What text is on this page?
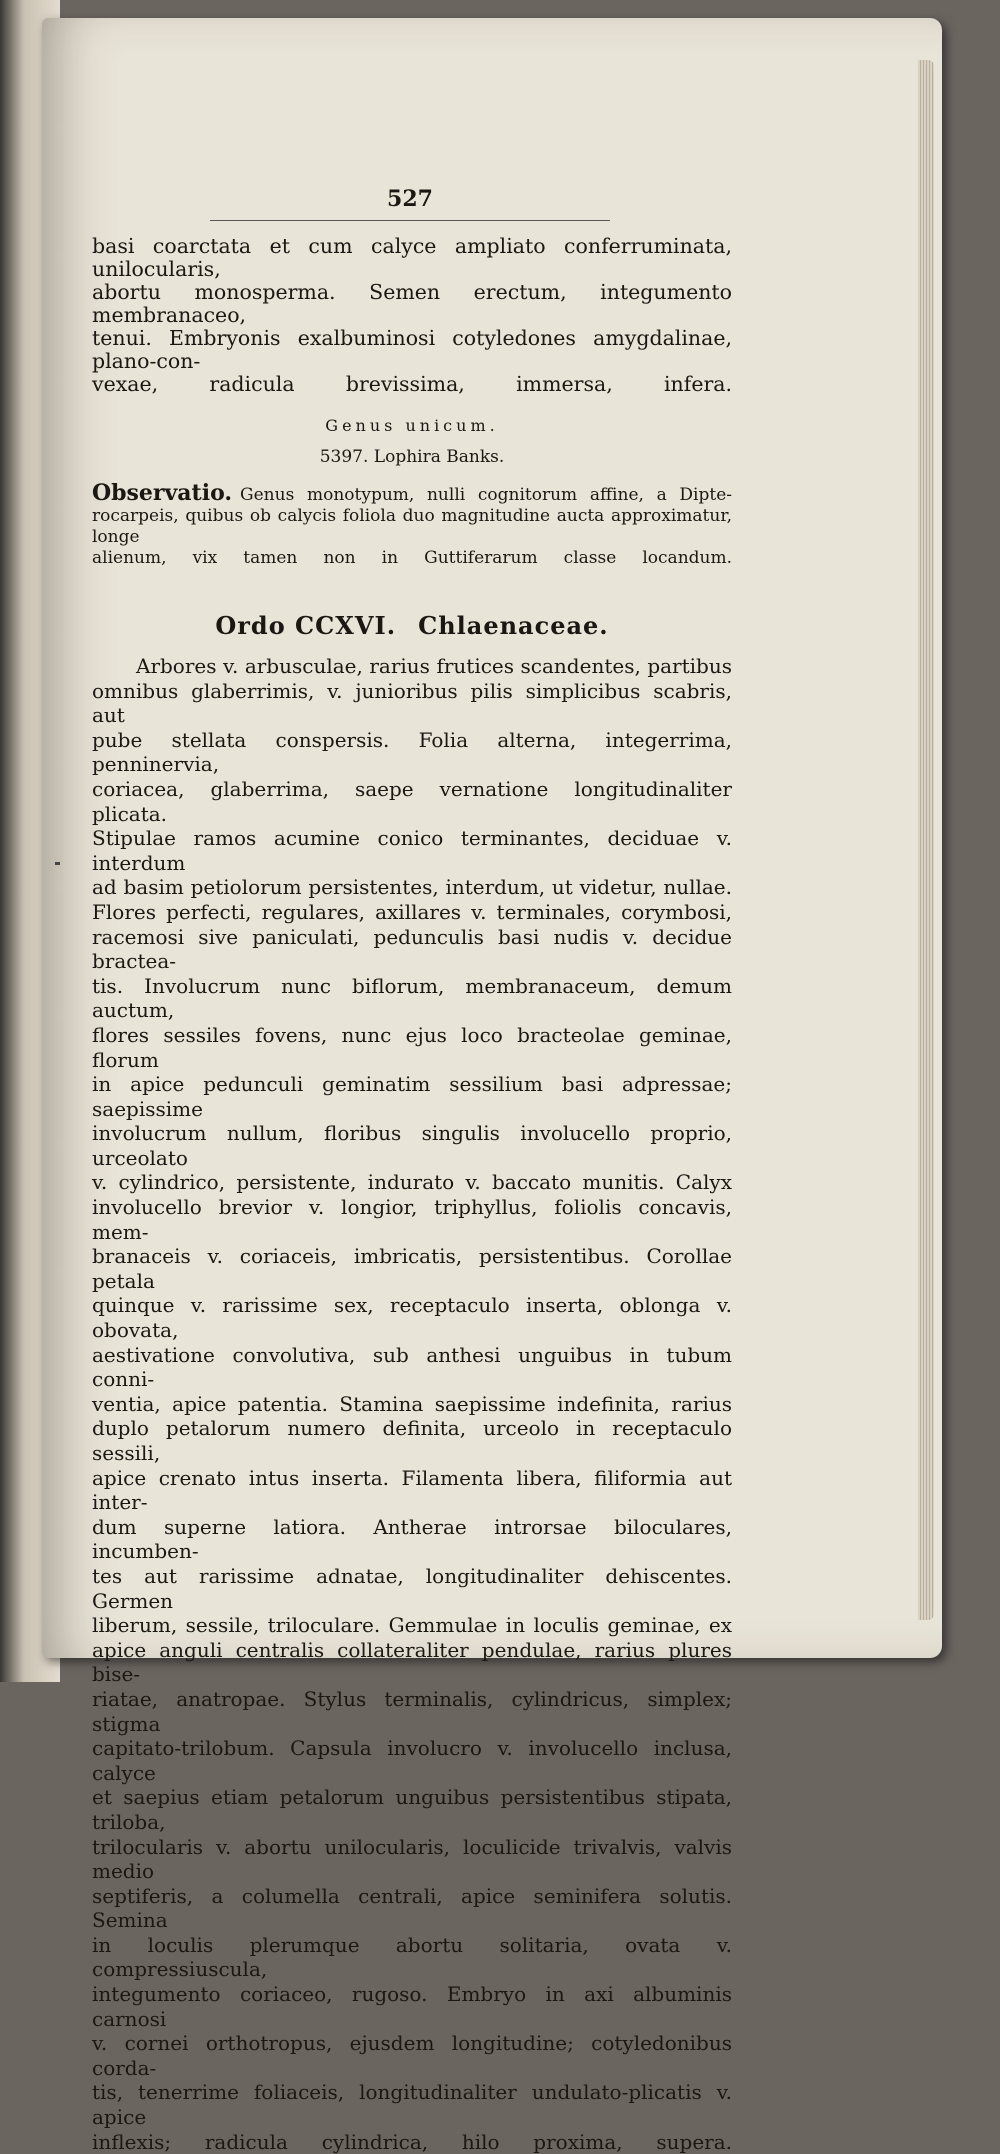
527
basi coarctata et cum calyce ampliato conferruminata, unilocularis,
abortu monosperma. Semen erectum, integumento membranaceo,
tenui. Embryonis exalbuminosi cotyledones amygdalinae, plano-con-
vexae, radicula brevissima, immersa, infera.
Genus unicum.
5397. Lophira Banks.
Observatio. Genus monotypum, nulli cognitorum affine, a Dipte-
rocarpeis, quibus ob calycis foliola duo magnitudine aucta approximatur, longe
alienum, vix tamen non in Guttiferarum classe locandum.
Ordo CCXVI. Chlaenaceae.
Arbores v. arbusculae, rarius frutices scandentes, partibus
omnibus glaberrimis, v. junioribus pilis simplicibus scabris, aut
pube stellata conspersis. Folia alterna, integerrima, penninervia,
coriacea, glaberrima, saepe vernatione longitudinaliter plicata.
Stipulae ramos acumine conico terminantes, deciduae v. interdum
ad basim petiolorum persistentes, interdum, ut videtur, nullae.
Flores perfecti, regulares, axillares v. terminales, corymbosi,
racemosi sive paniculati, pedunculis basi nudis v. decidue bractea-
tis. Involucrum nunc biflorum, membranaceum, demum auctum,
flores sessiles fovens, nunc ejus loco bracteolae geminae, florum
in apice pedunculi geminatim sessilium basi adpressae; saepissime
involucrum nullum, floribus singulis involucello proprio, urceolato
v. cylindrico, persistente, indurato v. baccato munitis. Calyx
involucello brevior v. longior, triphyllus, foliolis concavis, mem-
branaceis v. coriaceis, imbricatis, persistentibus. Corollae petala
quinque v. rarissime sex, receptaculo inserta, oblonga v. obovata,
aestivatione convolutiva, sub anthesi unguibus in tubum conni-
ventia, apice patentia. Stamina saepissime indefinita, rarius
duplo petalorum numero definita, urceolo in receptaculo sessili,
apice crenato intus inserta. Filamenta libera, filiformia aut inter-
dum superne latiora. Antherae introrsae biloculares, incumben-
tes aut rarissime adnatae, longitudinaliter dehiscentes. Germen
liberum, sessile, triloculare. Gemmulae in loculis geminae, ex
apice anguli centralis collateraliter pendulae, rarius plures bise-
riatae, anatropae. Stylus terminalis, cylindricus, simplex; stigma
capitato-trilobum. Capsula involucro v. involucello inclusa, calyce
et saepius etiam petalorum unguibus persistentibus stipata, triloba,
trilocularis v. abortu unilocularis, loculicide trivalvis, valvis medio
septiferis, a columella centrali, apice seminifera solutis. Semina
in loculis plerumque abortu solitaria, ovata v. compressiuscula,
integumento coriaceo, rugoso. Embryo in axi albuminis carnosi
v. cornei orthotropus, ejusdem longitudine; cotyledonibus corda-
tis, tenerrime foliaceis, longitudinaliter undulato-plicatis v. apice
inflexis; radicula cylindrica, hilo proxima, supera.
